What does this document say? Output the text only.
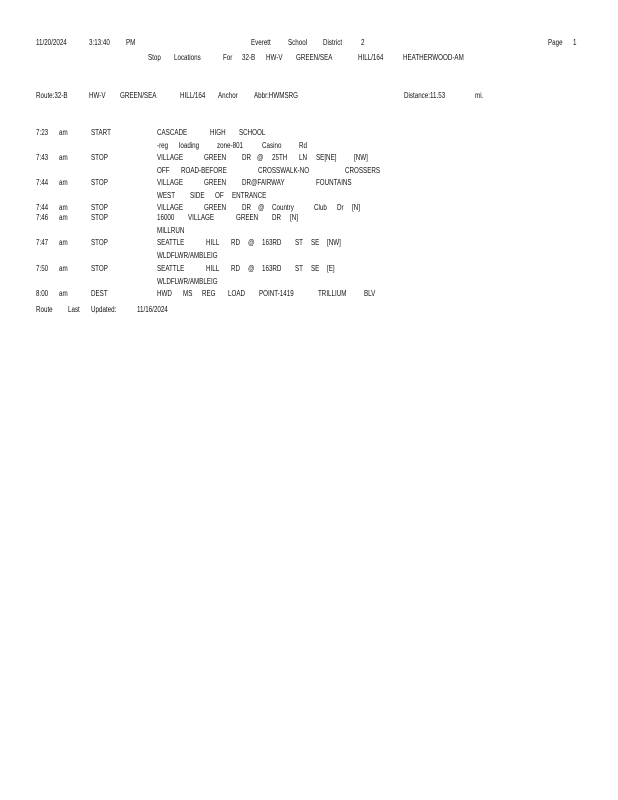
11/20/2024	3:13:40 PM	Everett School District 2	Page 1
Stop Locations	For 32-B HW-V GREEN/SEA	HILL/164 HEATHERWOOD-AM
Route:32-B	HW-V GREEN/SEA	HILL/164 Anchor Abbr:HWMSRG	Distance:11.53	mi.
7:23 am	START	CASCADE	HIGH SCHOOL
-reg loading zone-801 Casino Rd
7:43 am	STOP	VILLAGE	GREEN DR @ 25TH LN SE[NE] [NW]
OFF ROAD-BEFORE	CROSSWALK-NO	CROSSERS
7:44 am	STOP	VILLAGE	GREEN DR@FAIRWAY	FOUNTAINS
WEST SIDE OF ENTRANCE
7:44 am	STOP	VILLAGE	GREEN DR @ Country	Club Dr [N]
7:46 am	STOP	16000 VILLAGE	GREEN DR [N]
MILLRUN
7:47 am	STOP	SEATTLE	HILL RD @ 163RD ST SE [NW]
WLDFLWR/AMBLEIG
7:50 am	STOP	SEATTLE	HILL RD @ 163RD ST SE [E]
WLDFLWR/AMBLEIG
8:00 am	DEST	HWD MS REG LOAD POINT-1419	TRILLIUM BLV
Route Last Updated:	11/16/2024
